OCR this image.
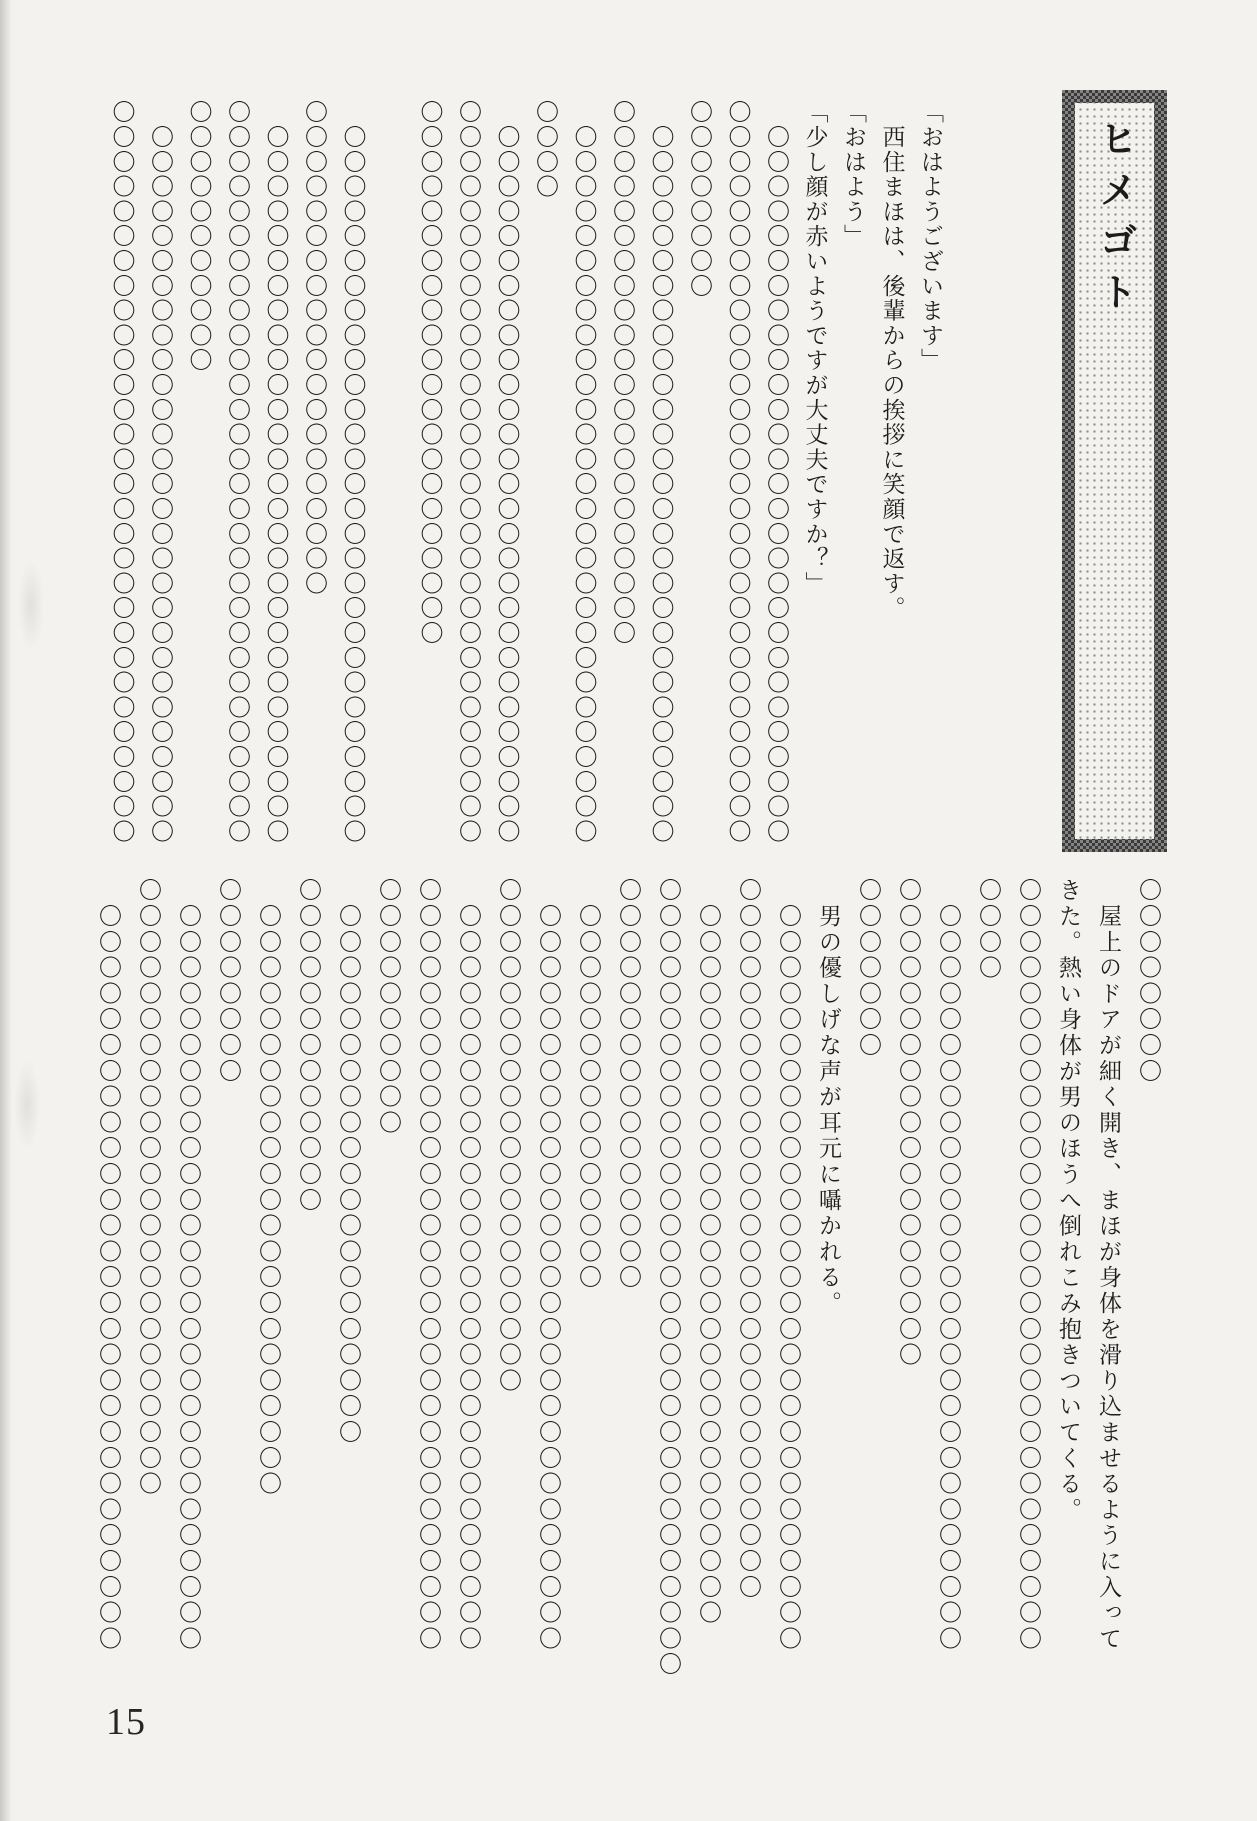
ヒメゴト
「おはようございます」
　西住まほは、後輩からの挨拶に笑顔で返す。
「おはよう」
「少し顔が赤いようですが大丈夫ですか？」
　〇〇〇〇〇〇〇〇〇〇〇〇〇〇〇〇〇〇〇〇〇〇〇〇〇〇〇〇〇
〇〇〇〇〇〇〇〇〇〇〇〇〇〇〇〇〇〇〇〇〇〇〇〇〇〇〇〇〇〇
〇〇〇〇〇〇〇〇
　〇〇〇〇〇〇〇〇〇〇〇〇〇〇〇〇〇〇〇〇〇〇〇〇〇〇〇〇〇
〇〇〇〇〇〇〇〇〇〇〇〇〇〇〇〇〇〇〇〇〇〇
　〇〇〇〇〇〇〇〇〇〇〇〇〇〇〇〇〇〇〇〇〇〇〇〇〇〇〇〇〇
〇〇〇〇
　〇〇〇〇〇〇〇〇〇〇〇〇〇〇〇〇〇〇〇〇〇〇〇〇〇〇〇〇〇
〇〇〇〇〇〇〇〇〇〇〇〇〇〇〇〇〇〇〇〇〇〇〇〇〇〇〇〇〇〇
〇〇〇〇〇〇〇〇〇〇〇〇〇〇〇〇〇〇〇〇〇〇
　〇〇〇〇〇〇〇〇〇〇〇〇〇〇〇〇〇〇〇〇〇〇〇〇〇〇〇〇〇
〇〇〇〇〇〇〇〇〇〇〇〇〇〇〇〇〇〇〇〇
　〇〇〇〇〇〇〇〇〇〇〇〇〇〇〇〇〇〇〇〇〇〇〇〇〇〇〇〇〇
〇〇〇〇〇〇〇〇〇〇〇〇〇〇〇〇〇〇〇〇〇〇〇〇〇〇〇〇〇〇
〇〇〇〇〇〇〇〇〇〇〇
　〇〇〇〇〇〇〇〇〇〇〇〇〇〇〇〇〇〇〇〇〇〇〇〇〇〇〇〇〇
〇〇〇〇〇〇〇〇〇〇〇〇〇〇〇〇〇〇〇〇〇〇〇〇〇〇〇〇〇〇
〇〇〇〇〇〇〇〇
　屋上のドアが細く開き、まほが身体を滑り込ませるように入って
きた。熱い身体が男のほうへ倒れこみ抱きついてくる。
〇〇〇〇〇〇〇〇〇〇〇〇〇〇〇〇〇〇〇〇〇〇〇〇〇〇〇〇〇〇
〇〇〇〇
　〇〇〇〇〇〇〇〇〇〇〇〇〇〇〇〇〇〇〇〇〇〇〇〇〇〇〇〇〇
〇〇〇〇〇〇〇〇〇〇〇〇〇〇〇〇〇〇〇
〇〇〇〇〇〇〇
　男の優しげな声が耳元に囁かれる。
　〇〇〇〇〇〇〇〇〇〇〇〇〇〇〇〇〇〇〇〇〇〇〇〇〇〇〇〇〇
〇〇〇〇〇〇〇〇〇〇〇〇〇〇〇〇〇〇〇〇〇〇〇〇〇〇〇〇
　〇〇〇〇〇〇〇〇〇〇〇〇〇〇〇〇〇〇〇〇〇〇〇〇〇〇〇〇
〇〇〇〇〇〇〇〇〇〇〇〇〇〇〇〇〇〇〇〇〇〇〇〇〇〇〇〇〇〇〇
〇〇〇〇〇〇〇〇〇〇〇〇〇〇〇〇
　〇〇〇〇〇〇〇〇〇〇〇〇〇〇〇
　〇〇〇〇〇〇〇〇〇〇〇〇〇〇〇〇〇〇〇〇〇〇〇〇〇〇〇〇〇
〇〇〇〇〇〇〇〇〇〇〇〇〇〇〇〇〇〇〇〇
　〇〇〇〇〇〇〇〇〇〇〇〇〇〇〇〇〇〇〇〇〇〇〇〇〇〇〇〇〇
〇〇〇〇〇〇〇〇〇〇〇〇〇〇〇〇〇〇〇〇〇〇〇〇〇〇〇〇〇〇
〇〇〇〇〇〇〇〇〇〇
　〇〇〇〇〇〇〇〇〇〇〇〇〇〇〇〇〇〇〇〇〇
〇〇〇〇〇〇〇〇〇〇〇〇〇
　〇〇〇〇〇〇〇〇〇〇〇〇〇〇〇〇〇〇〇〇〇〇〇
〇〇〇〇〇〇〇〇
　〇〇〇〇〇〇〇〇〇〇〇〇〇〇〇〇〇〇〇〇〇〇〇〇〇〇〇〇〇
〇〇〇〇〇〇〇〇〇〇〇〇〇〇〇〇〇〇〇〇〇〇〇〇
　〇〇〇〇〇〇〇〇〇〇〇〇〇〇〇〇〇〇〇〇〇〇〇〇〇〇〇〇〇
15
